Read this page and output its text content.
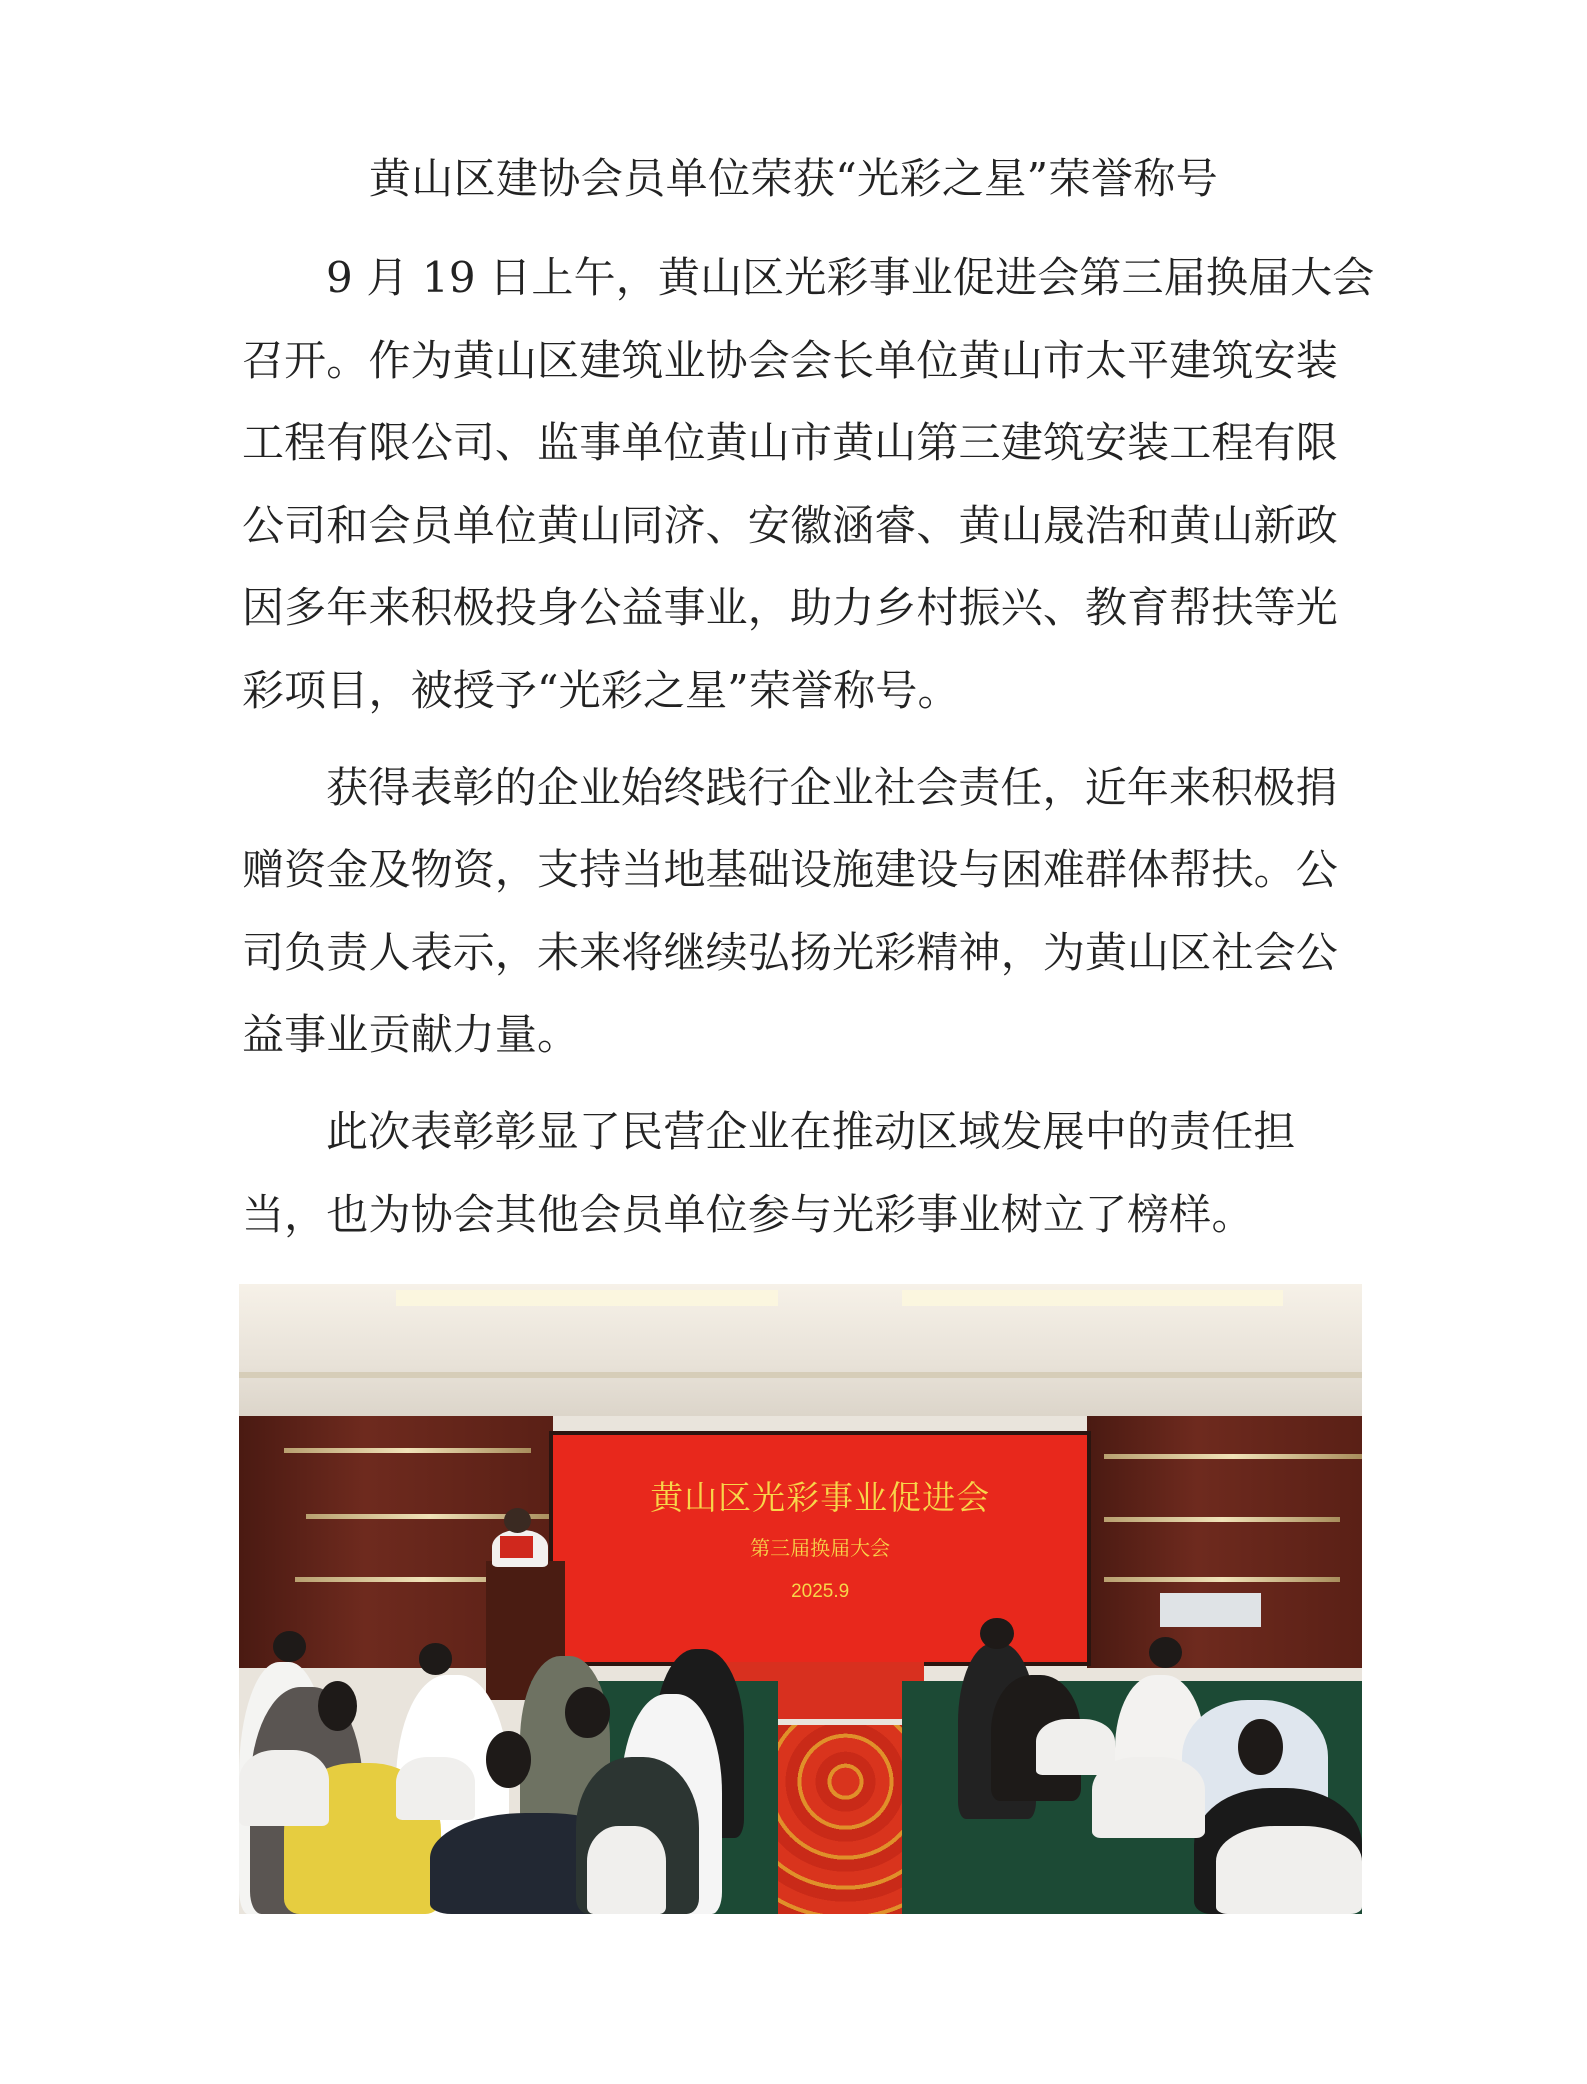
黄山区建协会员单位荣获“光彩之星”荣誉称号
9 月 19 日上午，黄山区光彩事业促进会第三届换届大会
召开。作为黄山区建筑业协会会长单位黄山市太平建筑安装
工程有限公司、监事单位黄山市黄山第三建筑安装工程有限
公司和会员单位黄山同济、安徽涵睿、黄山晟浩和黄山新政
因多年来积极投身公益事业，助力乡村振兴、教育帮扶等光
彩项目，被授予“光彩之星”荣誉称号。
获得表彰的企业始终践行企业社会责任，近年来积极捐
赠资金及物资，支持当地基础设施建设与困难群体帮扶。公
司负责人表示，未来将继续弘扬光彩精神，为黄山区社会公
益事业贡献力量。
此次表彰彰显了民营企业在推动区域发展中的责任担
当，也为协会其他会员单位参与光彩事业树立了榜样。
黄山区光彩事业促进会
第三届换届大会
2025.9
